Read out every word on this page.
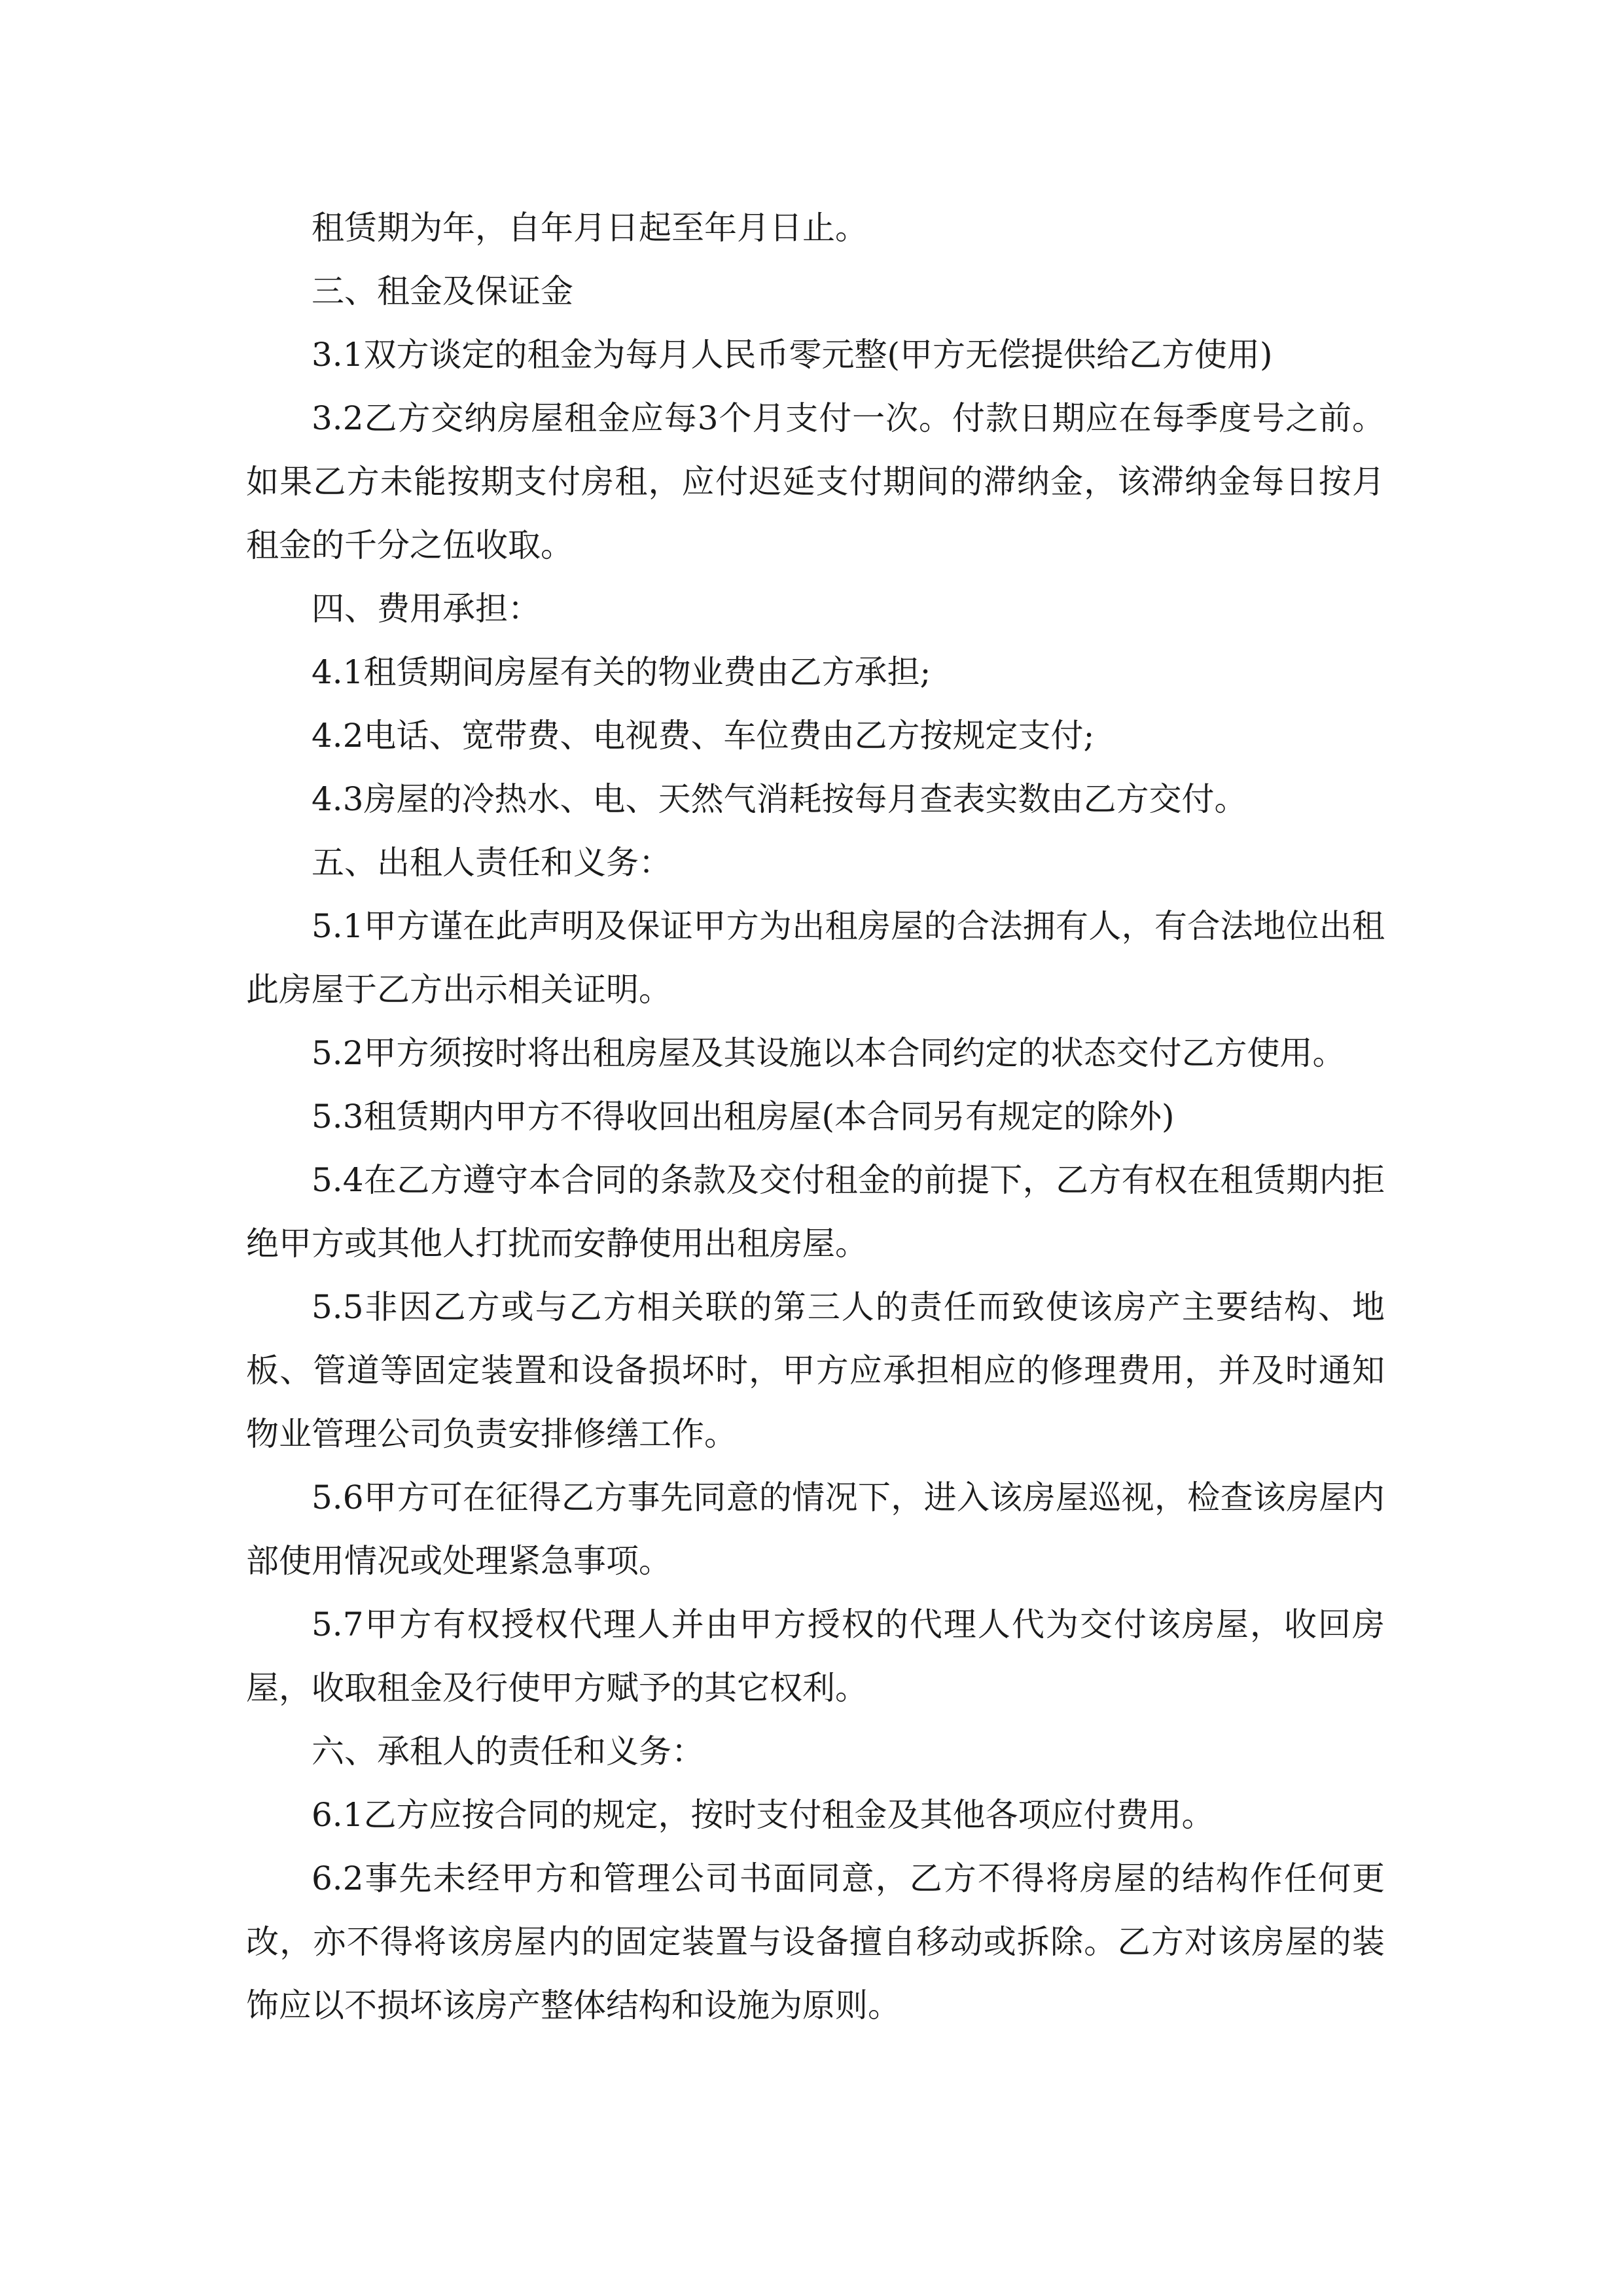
租赁期为年，自年月日起至年月日止。

三、租金及保证金

3.1双方谈定的租金为每月人民币零元整(甲方无偿提供给乙方使用)

3.2乙方交纳房屋租金应每3个月支付一次。付款日期应在每季度号之前。如果乙方未能按期支付房租，应付迟延支付期间的滞纳金，该滞纳金每日按月租金的千分之伍收取。

四、费用承担：

4.1租赁期间房屋有关的物业费由乙方承担;

4.2电话、宽带费、电视费、车位费由乙方按规定支付;

4.3房屋的冷热水、电、天然气消耗按每月查表实数由乙方交付。

五、出租人责任和义务：

5.1甲方谨在此声明及保证甲方为出租房屋的合法拥有人，有合法地位出租此房屋于乙方出示相关证明。

5.2甲方须按时将出租房屋及其设施以本合同约定的状态交付乙方使用。

5.3租赁期内甲方不得收回出租房屋(本合同另有规定的除外)

5.4在乙方遵守本合同的条款及交付租金的前提下，乙方有权在租赁期内拒绝甲方或其他人打扰而安静使用出租房屋。

5.5非因乙方或与乙方相关联的第三人的责任而致使该房产主要结构、地板、管道等固定装置和设备损坏时，甲方应承担相应的修理费用，并及时通知物业管理公司负责安排修缮工作。

5.6甲方可在征得乙方事先同意的情况下，进入该房屋巡视，检查该房屋内部使用情况或处理紧急事项。

5.7甲方有权授权代理人并由甲方授权的代理人代为交付该房屋，收回房屋，收取租金及行使甲方赋予的其它权利。

六、承租人的责任和义务：

6.1乙方应按合同的规定，按时支付租金及其他各项应付费用。

6.2事先未经甲方和管理公司书面同意，乙方不得将房屋的结构作任何更改，亦不得将该房屋内的固定装置与设备擅自移动或拆除。乙方对该房屋的装饰应以不损坏该房产整体结构和设施为原则。
